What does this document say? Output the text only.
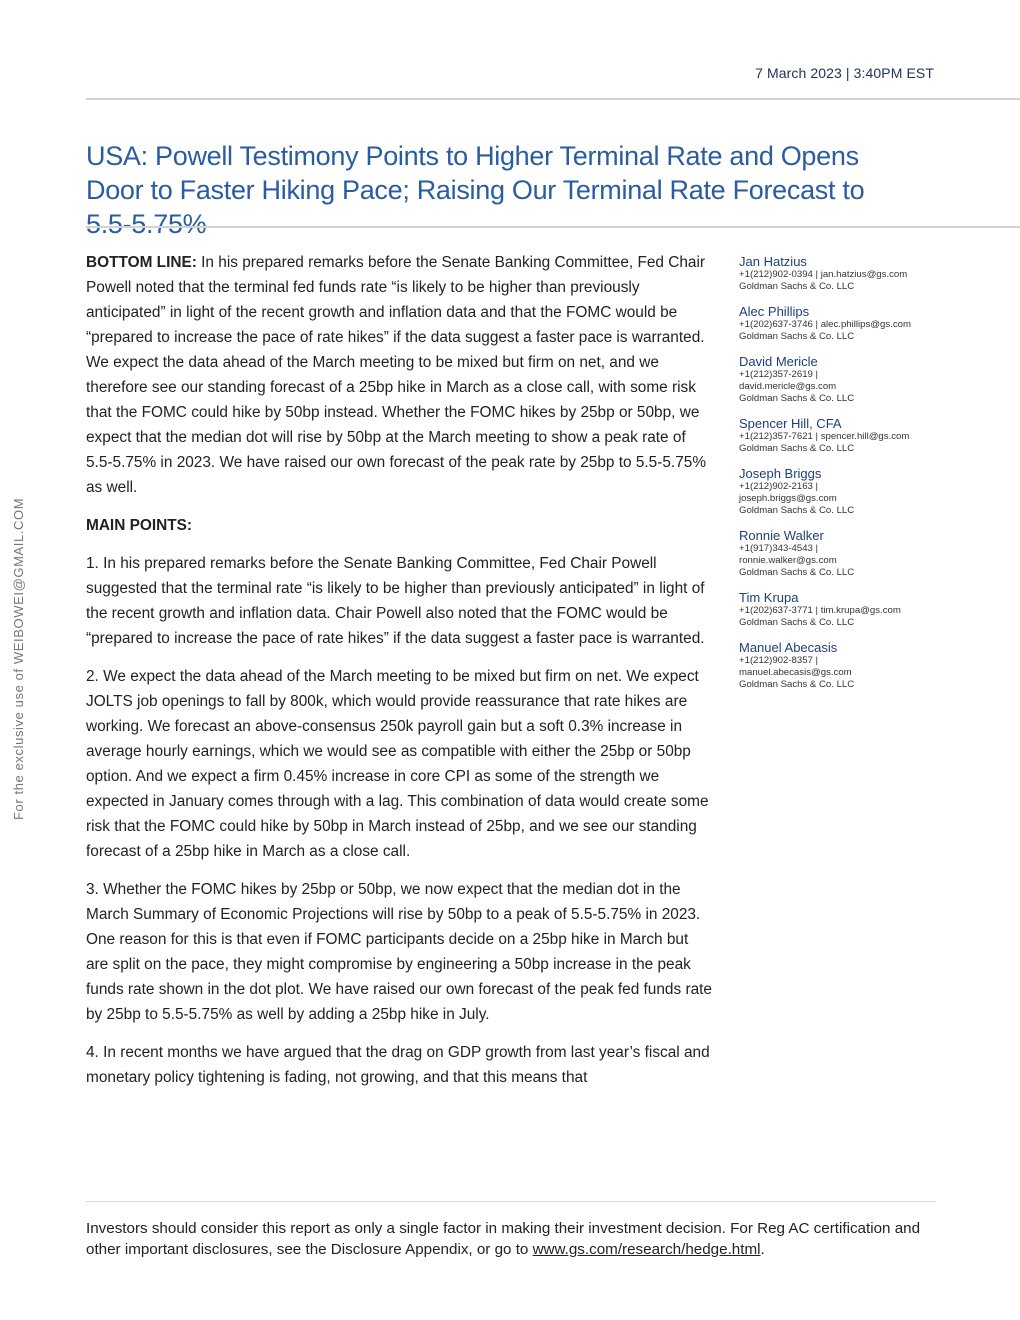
7 March 2023 | 3:40PM EST
USA: Powell Testimony Points to Higher Terminal Rate and Opens Door to Faster Hiking Pace; Raising Our Terminal Rate Forecast to 5.5-5.75%
For the exclusive use of WEIBOWEI@GMAIL.COM

BOTTOM LINE: In his prepared remarks before the Senate Banking Committee, Fed Chair Powell noted that the terminal fed funds rate “is likely to be higher than previously anticipated” in light of the recent growth and inflation data and that the FOMC would be “prepared to increase the pace of rate hikes” if the data suggest a faster pace is warranted. We expect the data ahead of the March meeting to be mixed but firm on net, and we therefore see our standing forecast of a 25bp hike in March as a close call, with some risk that the FOMC could hike by 50bp instead. Whether the FOMC hikes by 25bp or 50bp, we expect that the median dot will rise by 50bp at the March meeting to show a peak rate of 5.5-5.75% in 2023. We have raised our own forecast of the peak rate by 25bp to 5.5-5.75% as well.

MAIN POINTS:

1. In his prepared remarks before the Senate Banking Committee, Fed Chair Powell suggested that the terminal rate “is likely to be higher than previously anticipated” in light of the recent growth and inflation data. Chair Powell also noted that the FOMC would be “prepared to increase the pace of rate hikes” if the data suggest a faster pace is warranted.

2. We expect the data ahead of the March meeting to be mixed but firm on net. We expect JOLTS job openings to fall by 800k, which would provide reassurance that rate hikes are working. We forecast an above-consensus 250k payroll gain but a soft 0.3% increase in average hourly earnings, which we would see as compatible with either the 25bp or 50bp option. And we expect a firm 0.45% increase in core CPI as some of the strength we expected in January comes through with a lag. This combination of data would create some risk that the FOMC could hike by 50bp in March instead of 25bp, and we see our standing forecast of a 25bp hike in March as a close call.

3. Whether the FOMC hikes by 25bp or 50bp, we now expect that the median dot in the March Summary of Economic Projections will rise by 50bp to a peak of 5.5-5.75% in 2023. One reason for this is that even if FOMC participants decide on a 25bp hike in March but are split on the pace, they might compromise by engineering a 50bp increase in the peak funds rate shown in the dot plot. We have raised our own forecast of the peak fed funds rate by 25bp to 5.5-5.75% as well by adding a 25bp hike in July.

4. In recent months we have argued that the drag on GDP growth from last year’s fiscal and monetary policy tightening is fading, not growing, and that this means that

Jan Hatzius
+1(212)902-0394 | jan.hatzius@gs.com
Goldman Sachs & Co. LLC
Alec Phillips
+1(202)637-3746 | alec.phillips@gs.com
Goldman Sachs & Co. LLC
David Mericle
+1(212)357-2619 |
david.mericle@gs.com
Goldman Sachs & Co. LLC
Spencer Hill, CFA
+1(212)357-7621 | spencer.hill@gs.com
Goldman Sachs & Co. LLC
Joseph Briggs
+1(212)902-2163 |
joseph.briggs@gs.com
Goldman Sachs & Co. LLC
Ronnie Walker
+1(917)343-4543 |
ronnie.walker@gs.com
Goldman Sachs & Co. LLC
Tim Krupa
+1(202)637-3771 | tim.krupa@gs.com
Goldman Sachs & Co. LLC
Manuel Abecasis
+1(212)902-8357 |
manuel.abecasis@gs.com
Goldman Sachs & Co. LLC
Investors should consider this report as only a single factor in making their investment decision. For Reg AC certification and other important disclosures, see the Disclosure Appendix, or go to www.gs.com/research/hedge.html.
